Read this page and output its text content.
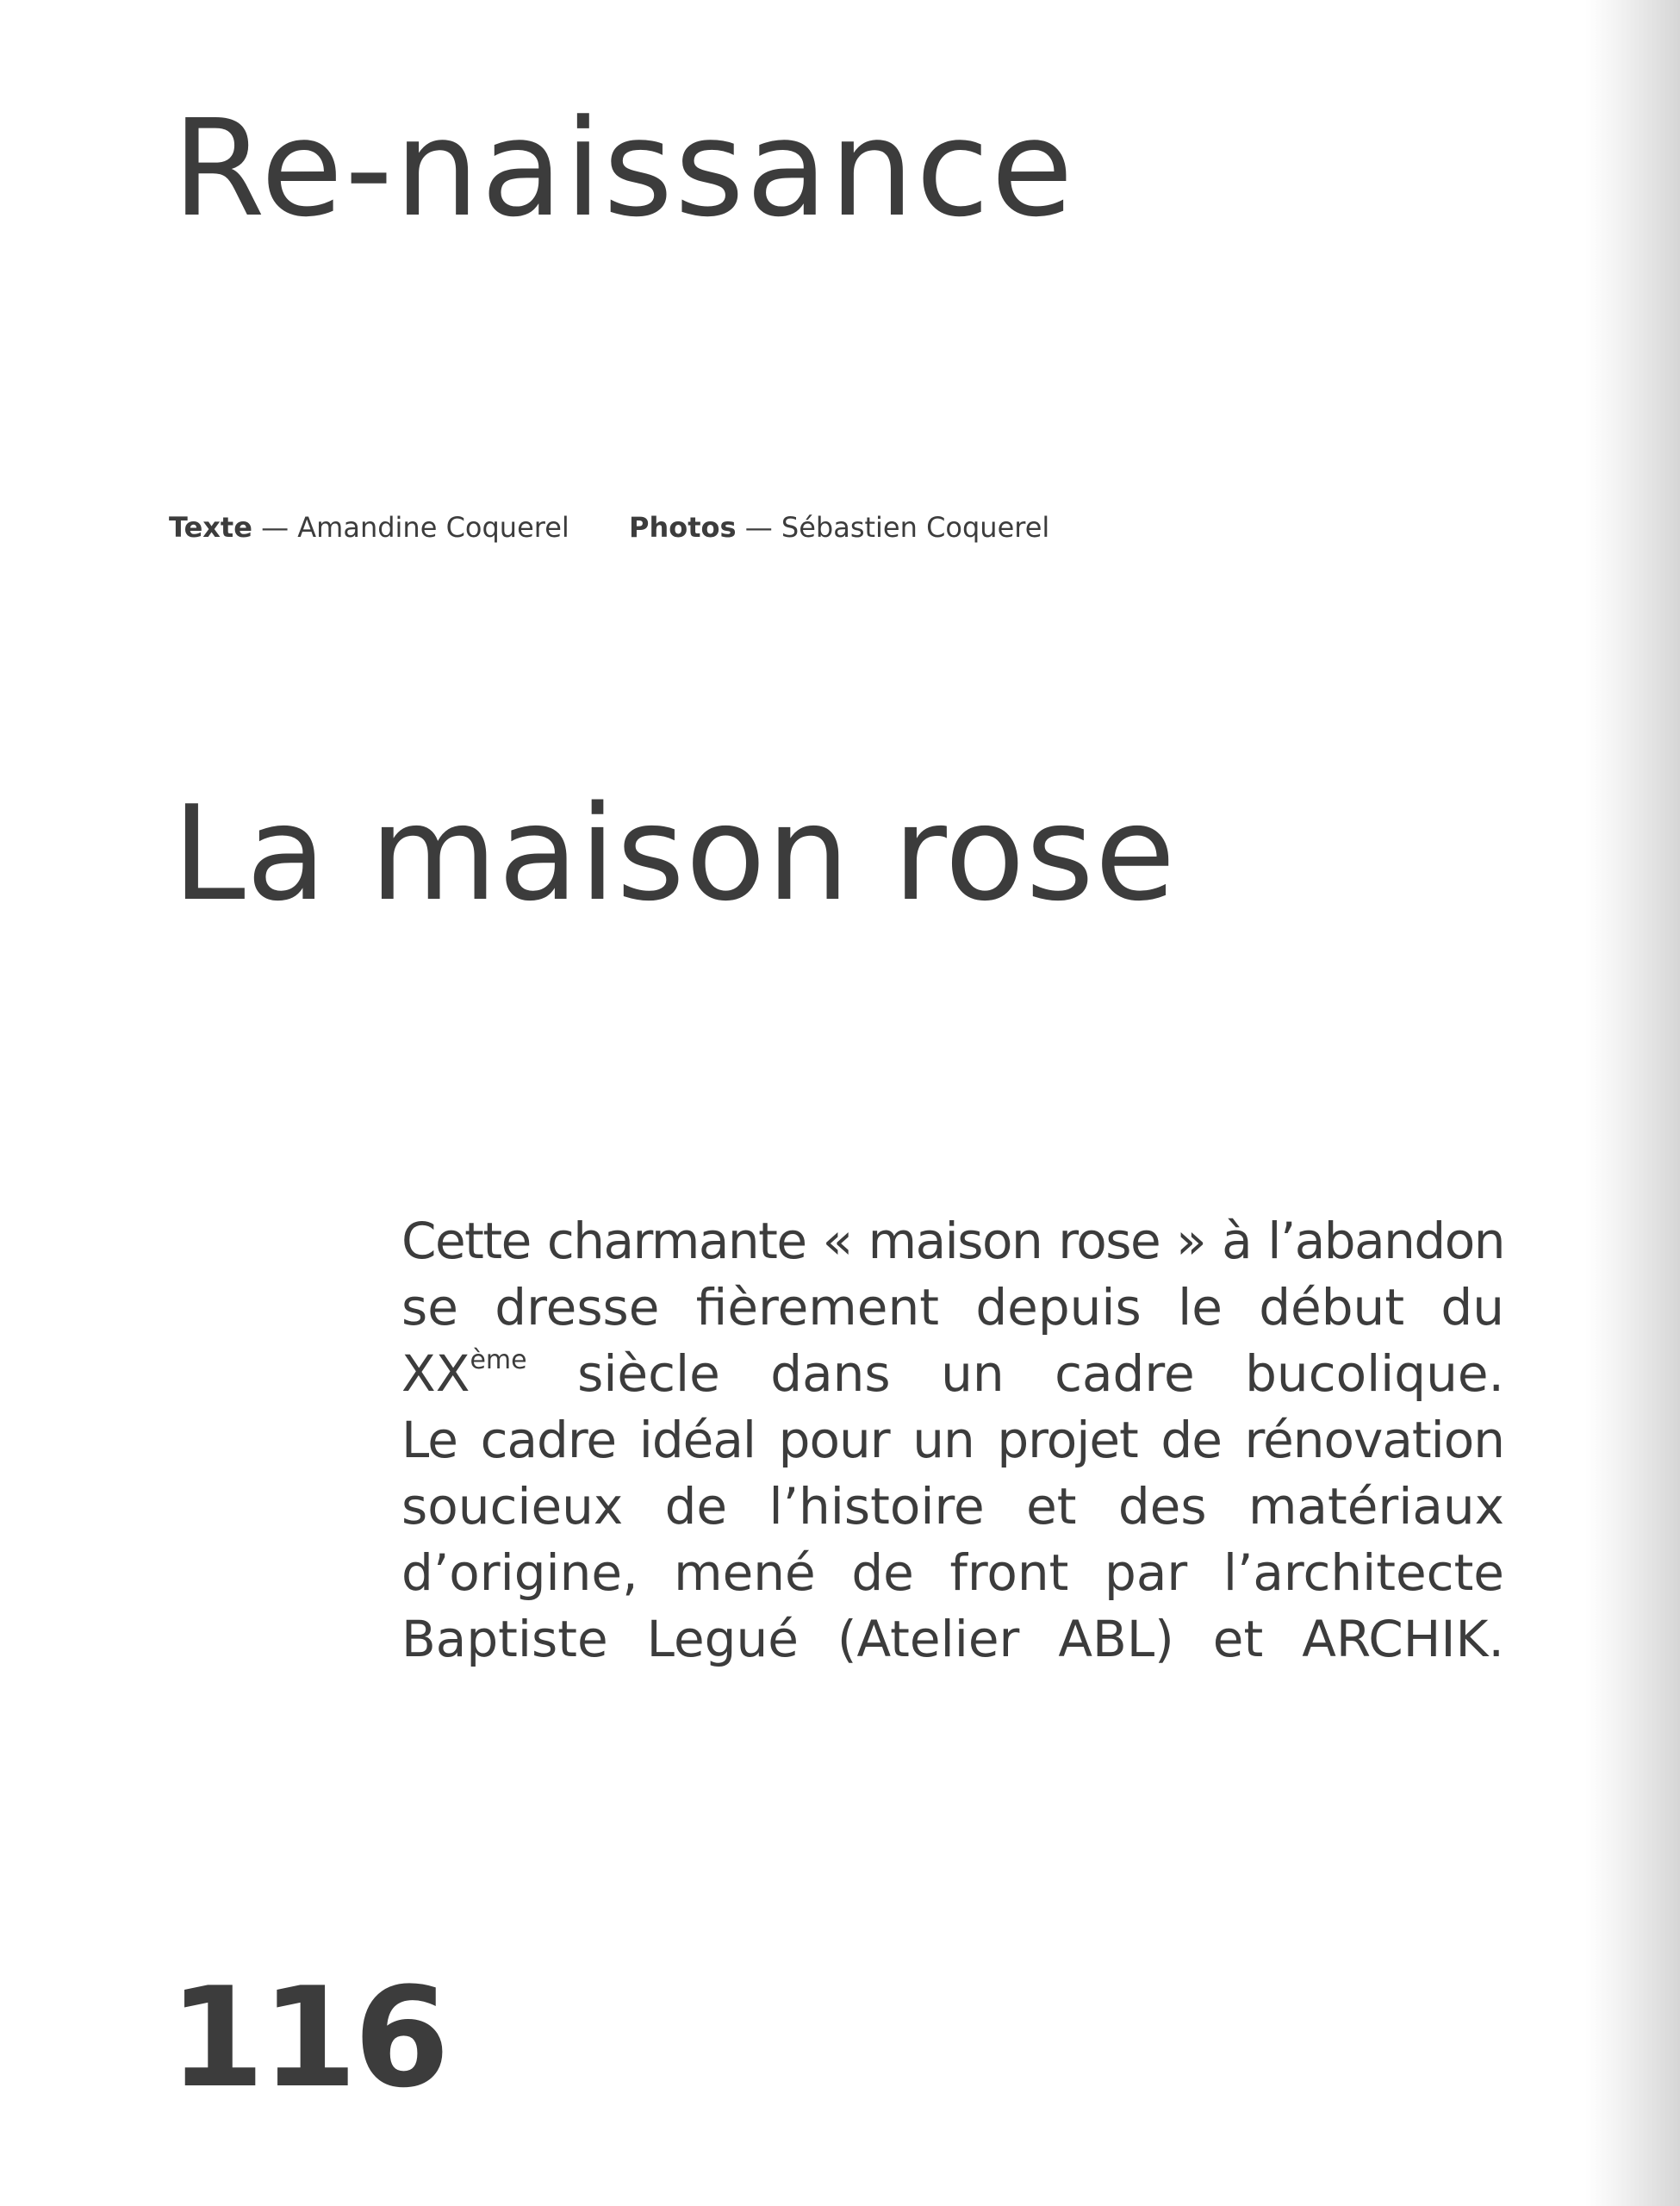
Re-naissance
Texte — Amandine Coquerel Photos — Sébastien Coquerel
La maison rose

Cette charmante « maison rose » à l’abandon
se dresse fièrement depuis le début du
XXème siècle dans un cadre bucolique.
Le cadre idéal pour un projet de rénovation
soucieux de l’histoire et des matériaux
d’origine, mené de front par l’architecte
Baptiste Legué (Atelier ABL) et ARCHIK.

116
